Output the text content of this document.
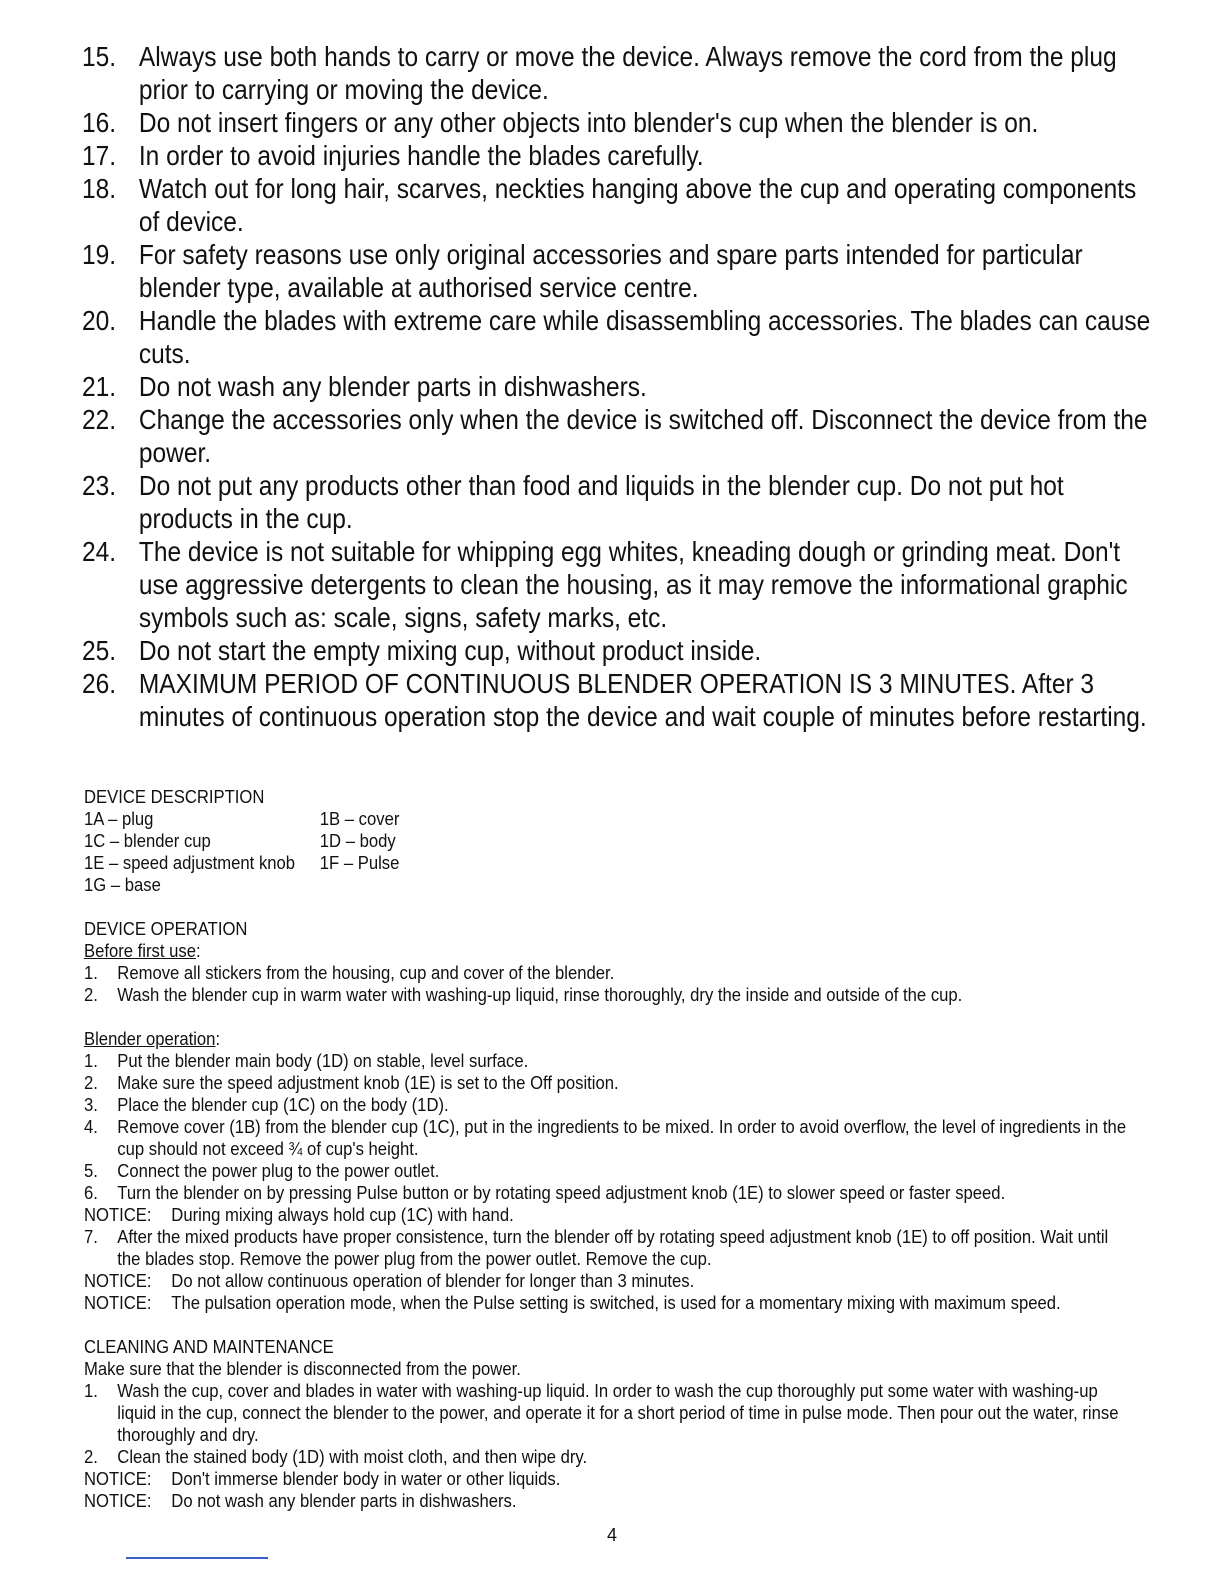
15. Always use both hands to carry or move the device. Always remove the cord from the plug prior to carrying or moving the device.
16. Do not insert fingers or any other objects into blender's cup when the blender is on.
17. In order to avoid injuries handle the blades carefully.
18. Watch out for long hair, scarves, neckties hanging above the cup and operating components of device.
19. For safety reasons use only original accessories and spare parts intended for particular blender type, available at authorised service centre.
20. Handle the blades with extreme care while disassembling accessories. The blades can cause cuts.
21. Do not wash any blender parts in dishwashers.
22. Change the accessories only when the device is switched off. Disconnect the device from the power.
23. Do not put any products other than food and liquids in the blender cup. Do not put hot products in the cup.
24. The device is not suitable for whipping egg whites, kneading dough or grinding meat. Don't use aggressive detergents to clean the housing, as it may remove the informational graphic symbols such as: scale, signs, safety marks, etc.
25. Do not start the empty mixing cup, without product inside.
26. MAXIMUM PERIOD OF CONTINUOUS BLENDER OPERATION IS 3 MINUTES. After 3 minutes of continuous operation stop the device and wait couple of minutes before restarting.
DEVICE DESCRIPTION
1A – plug	1B – cover
1C – blender cup	1D – body
1E – speed adjustment knob	1F – Pulse
1G – base
DEVICE OPERATION
Before first use:
1.	Remove all stickers from the housing, cup and cover of the blender.
2.	Wash the blender cup in warm water with washing-up liquid, rinse thoroughly, dry the inside and outside of the cup.
Blender operation:
1.	Put the blender main body (1D) on stable, level surface.
2.	Make sure the speed adjustment knob (1E) is set to the Off position.
3.	Place the blender cup (1C) on the body (1D).
4.	Remove cover (1B) from the blender cup (1C), put in the ingredients to be mixed. In order to avoid overflow, the level of ingredients in the cup should not exceed ¾ of cup's height.
5.	Connect the power plug to the power outlet.
6.	Turn the blender on by pressing Pulse button or by rotating speed adjustment knob (1E) to slower speed or faster speed.
NOTICE:	During mixing always hold cup (1C) with hand.
7.	After the mixed products have proper consistence, turn the blender off by rotating speed adjustment knob (1E) to off position. Wait until the blades stop. Remove the power plug from the power outlet. Remove the cup.
NOTICE:	Do not allow continuous operation of blender for longer than 3 minutes.
NOTICE:	The pulsation operation mode, when the Pulse setting is switched, is used for a momentary mixing with maximum speed.
CLEANING AND MAINTENANCE
Make sure that the blender is disconnected from the power.
1.	Wash the cup, cover and blades in water with washing-up liquid. In order to wash the cup thoroughly put some water with washing-up liquid in the cup, connect the blender to the power, and operate it for a short period of time in pulse mode. Then pour out the water, rinse thoroughly and dry.
2.	Clean the stained body (1D) with moist cloth, and then wipe dry.
NOTICE:	Don't immerse blender body in water or other liquids.
NOTICE:	Do not wash any blender parts in dishwashers.
4
